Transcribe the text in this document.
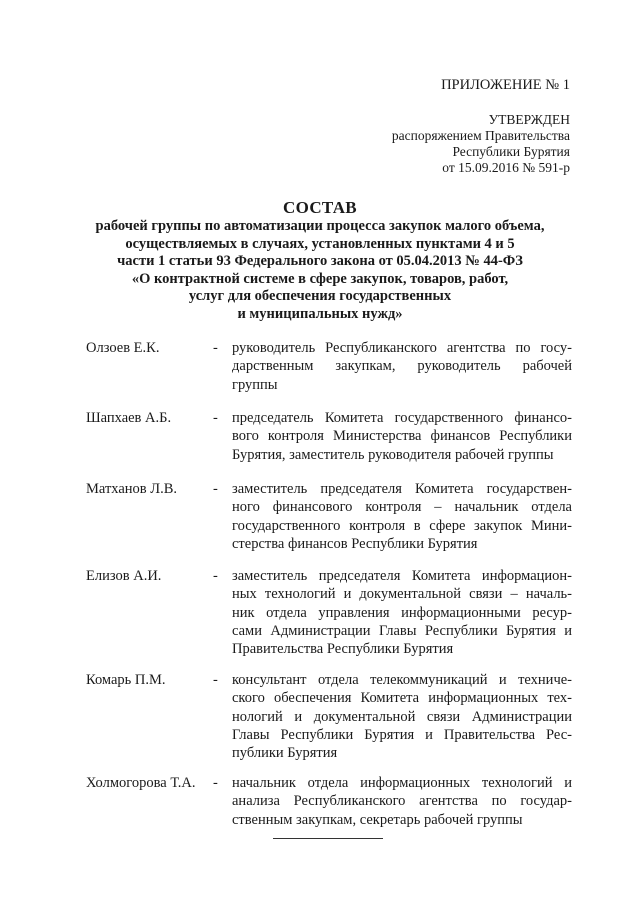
ПРИЛОЖЕНИЕ № 1
УТВЕРЖДЕН
распоряжением Правительства
Республики Бурятия
от 15.09.2016 № 591-р
СОСТАВ
рабочей группы по автоматизации процесса закупок малого объема,
осуществляемых в случаях, установленных пунктами 4 и 5
части 1 статьи 93 Федерального закона от 05.04.2013 № 44-ФЗ
«О контрактной системе в сфере закупок, товаров, работ,
услуг для обеспечения государственных
и муниципальных нужд»
Олзоев Е.К.	- руководитель Республиканского агентства по госу-
дарственным закупкам, руководитель рабочей
группы
Шапхаев А.Б.	- председатель Комитета государственного финансо-
вого контроля Министерства финансов Республики
Бурятия, заместитель руководителя рабочей группы
Матханов Л.В. - заместитель председателя Комитета государствен-
ного финансового контроля – начальник отдела
государственного контроля в сфере закупок Мини-
стерства финансов Республики Бурятия
Елизов А.И.	- заместитель председателя Комитета информацион-
ных технологий и документальной связи – началь-
ник отдела управления информационными ресур-
сами Администрации Главы Республики Бурятия и
Правительства Республики Бурятия
Комарь П.М.	- консультант отдела телекоммуникаций и техниче-
ского обеспечения Комитета информационных тех-
нологий и документальной связи Администрации
Главы Республики Бурятия и Правительства Рес-
публики Бурятия
Холмогорова Т.А. - начальник отдела информационных технологий и
анализа Республиканского агентства по государ-
ственным закупкам, секретарь рабочей группы
